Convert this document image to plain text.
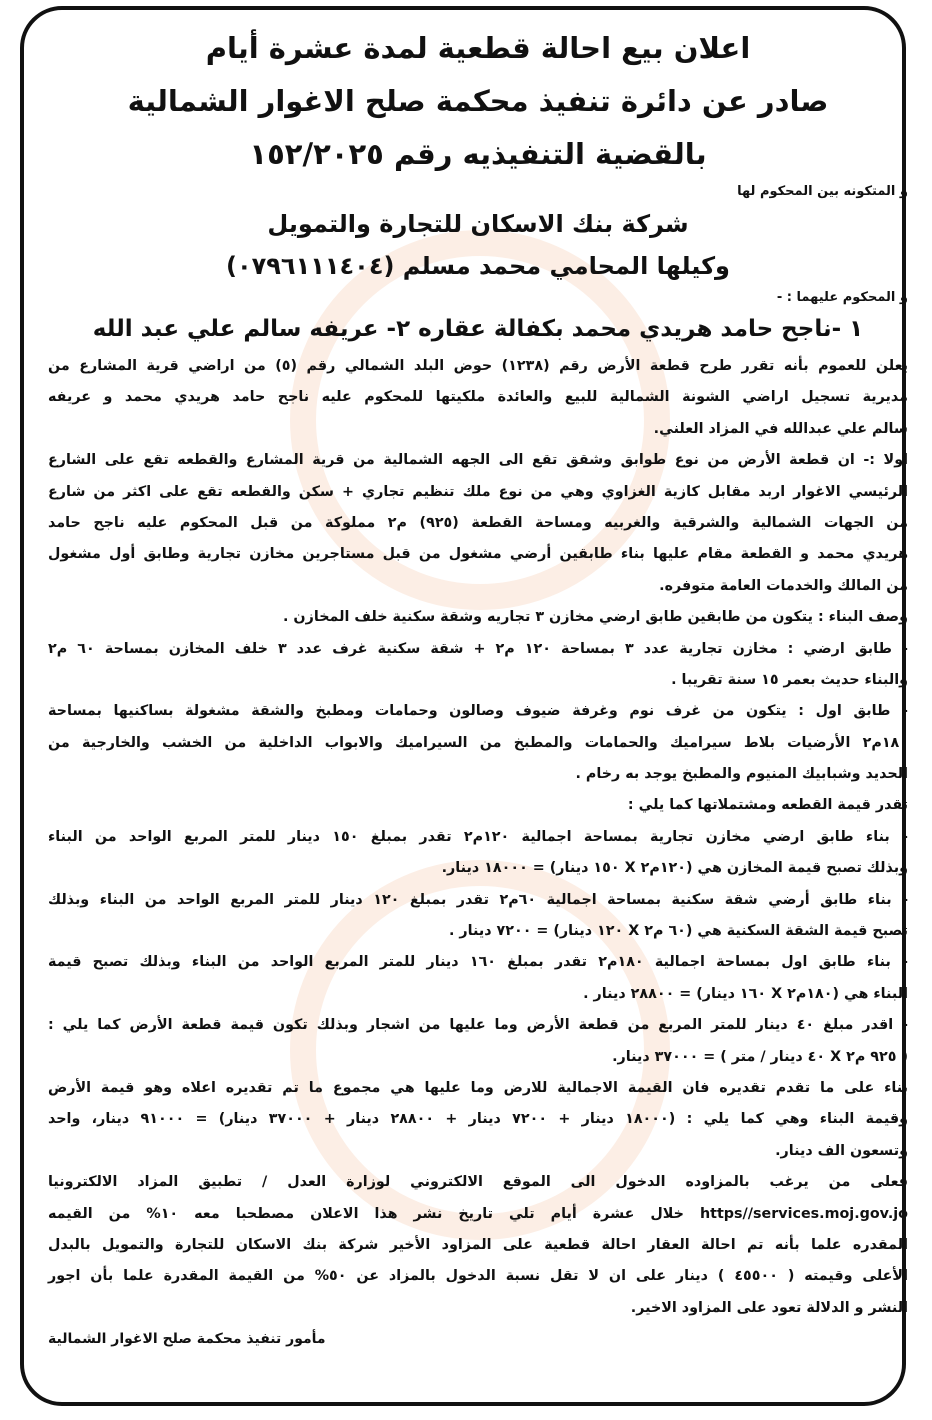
اعلان بيع احالة قطعية لمدة عشرة أيام
صادر عن دائرة تنفيذ محكمة صلح الاغوار الشمالية
بالقضية التنفيذيه رقم ١٥٢/٢٠٢٥
و المتكونه بين المحكوم لها
شركة بنك الاسكان للتجارة والتمويل
وكيلها المحامي محمد مسلم (٠٧٩٦١١١٤٠٤)
و المحكوم عليهما : -
١ -ناجح حامد هريدي محمد بكفالة عقاره ٢- عريفه سالم علي عبد الله
يعلن للعموم بأنه تقرر طرح قطعة الأرض رقم (١٢٣٨) حوض البلد الشمالي رقم (٥) من اراضي قرية المشارع من
مديرية تسجيل اراضي الشونة الشمالية للبيع والعائدة ملكيتها للمحكوم عليه ناجح حامد هريدي محمد و عريفه
سالم علي عبدالله في المزاد العلني.
اولا :- ان قطعة الأرض من نوع طوابق وشقق تقع الى الجهه الشمالية من قرية المشارع والقطعه تقع على الشارع
الرئيسي الاغوار اربد مقابل كازية الغزاوي وهي من نوع ملك تنظيم تجاري + سكن والقطعه تقع على اكثر من شارع
من الجهات الشمالية والشرقية والغربيه ومساحة القطعة (٩٢٥) م٢ مملوكة من قبل المحكوم عليه ناجح حامد
هريدي محمد و القطعة مقام عليها بناء طابقين أرضي مشغول من قبل مستاجرين مخازن تجارية وطابق أول مشغول
من المالك والخدمات العامة متوفره.
وصف البناء : يتكون من طابقين طابق ارضي مخازن ٣ تجاريه وشقة سكنية خلف المخازن .
- طابق ارضي : مخازن تجارية عدد ٣ بمساحة ١٢٠ م٢ + شقة سكنية غرف عدد ٣ خلف المخازن بمساحة ٦٠ م٢
والبناء حديث بعمر ١٥ سنة تقريبا .
- طابق اول : يتكون من غرف نوم وغرفة ضيوف وصالون وحمامات ومطبخ والشقة مشغولة بساكنيها بمساحة
١٨٠م٢ الأرضيات بلاط سيراميك والحمامات والمطبخ من السيراميك والابواب الداخلية من الخشب والخارجية من
الحديد وشبابيك المنيوم والمطبخ يوجد به رخام .
تقدر قيمة القطعه ومشتملاتها كما يلي :
- بناء طابق ارضي مخازن تجارية بمساحة اجمالية ١٢٠م٢ تقدر بمبلغ ١٥٠ دينار للمتر المربع الواحد من البناء
وبذلك تصبح قيمة المخازن هي (١٢٠م٢ X ١٥٠ دينار) = ١٨٠٠٠ دينار.
- بناء طابق أرضي شقة سكنية بمساحة اجمالية ٦٠م٢ تقدر بمبلغ ١٢٠ دينار للمتر المربع الواحد من البناء وبذلك
تصبح قيمة الشقة السكنية هي (٦٠ م٢ X ١٢٠ دينار) = ٧٢٠٠ دينار .
- بناء طابق اول بمساحة اجمالية ١٨٠م٢ تقدر بمبلغ ١٦٠ دينار للمتر المربع الواحد من البناء وبذلك تصبح قيمة
البناء هي (١٨٠م٢ X ١٦٠ دينار) = ٢٨٨٠٠ دينار .
- اقدر مبلغ ٤٠ دينار للمتر المربع من قطعة الأرض وما عليها من اشجار وبذلك تكون قيمة قطعة الأرض كما يلي :
( ٩٢٥ م٢ X ٤٠ دينار / متر ) = ٣٧٠٠٠ دينار.
بناء على ما تقدم تقديره فان القيمة الاجمالية للارض وما عليها هي مجموع ما تم تقديره اعلاه وهو قيمة الأرض
وقيمة البناء وهي كما يلي : (١٨٠٠٠ دينار + ٧٢٠٠ دينار + ٢٨٨٠٠ دينار + ٣٧٠٠٠ دينار) = ٩١٠٠٠ دينار، واحد
وتسعون الف دينار.
فعلى من يرغب بالمزاوده الدخول الى الموقع الالكتروني لوزارة العدل / تطبيق المزاد الالكترونيا
https//services.moj.gov.jo خلال عشرة أيام تلي تاريخ نشر هذا الاعلان مصطحبا معه ١٠% من القيمه
المقدره علما بأنه تم احالة العقار احالة قطعية على المزاود الأخير شركة بنك الاسكان للتجارة والتمويل بالبدل
الأعلى وقيمته ( ٤٥٥٠٠ ) دينار على ان لا تقل نسبة الدخول بالمزاد عن ٥٠% من القيمة المقدرة علما بأن اجور
النشر و الدلالة تعود على المزاود الاخير.
مأمور تنفيذ محكمة صلح الاغوار الشمالية
